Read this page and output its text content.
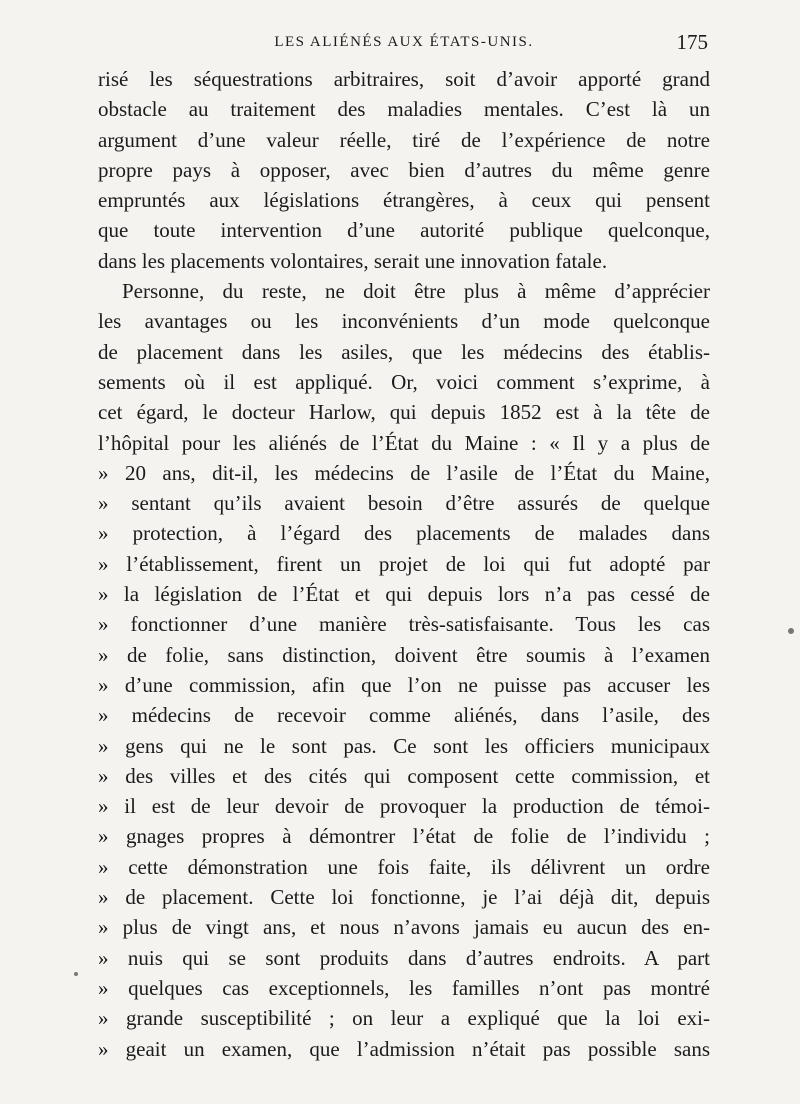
LES ALIÉNÉS AUX ÉTATS-UNIS.	175
risé les séquestrations arbitraires, soit d’avoir apporté grand
obstacle au traitement des maladies mentales. C’est là un
argument d’une valeur réelle, tiré de l’expérience de notre
propre pays à opposer, avec bien d’autres du même genre
empruntés aux législations étrangères, à ceux qui pensent
que toute intervention d’une autorité publique quelconque,
dans les placements volontaires, serait une innovation fatale.
Personne, du reste, ne doit être plus à même d’apprécier
les avantages ou les inconvénients d’un mode quelconque
de placement dans les asiles, que les médecins des établis-
sements où il est appliqué. Or, voici comment s’exprime, à
cet égard, le docteur Harlow, qui depuis 1852 est à la tête de
l’hôpital pour les aliénés de l’État du Maine : « Il y a plus de
» 20 ans, dit-il, les médecins de l’asile de l’État du Maine,
» sentant qu’ils avaient besoin d’être assurés de quelque
» protection, à l’égard des placements de malades dans
» l’établissement, firent un projet de loi qui fut adopté par
» la législation de l’État et qui depuis lors n’a pas cessé de
» fonctionner d’une manière très-satisfaisante. Tous les cas
» de folie, sans distinction, doivent être soumis à l’examen
» d’une commission, afin que l’on ne puisse pas accuser les
» médecins de recevoir comme aliénés, dans l’asile, des
» gens qui ne le sont pas. Ce sont les officiers municipaux
» des villes et des cités qui composent cette commission, et
» il est de leur devoir de provoquer la production de témoi-
» gnages propres à démontrer l’état de folie de l’individu ;
» cette démonstration une fois faite, ils délivrent un ordre
» de placement. Cette loi fonctionne, je l’ai déjà dit, depuis
» plus de vingt ans, et nous n’avons jamais eu aucun des en-
» nuis qui se sont produits dans d’autres endroits. A part
» quelques cas exceptionnels, les familles n’ont pas montré
» grande susceptibilité ; on leur a expliqué que la loi exi-
» geait un examen, que l’admission n’était pas possible sans
